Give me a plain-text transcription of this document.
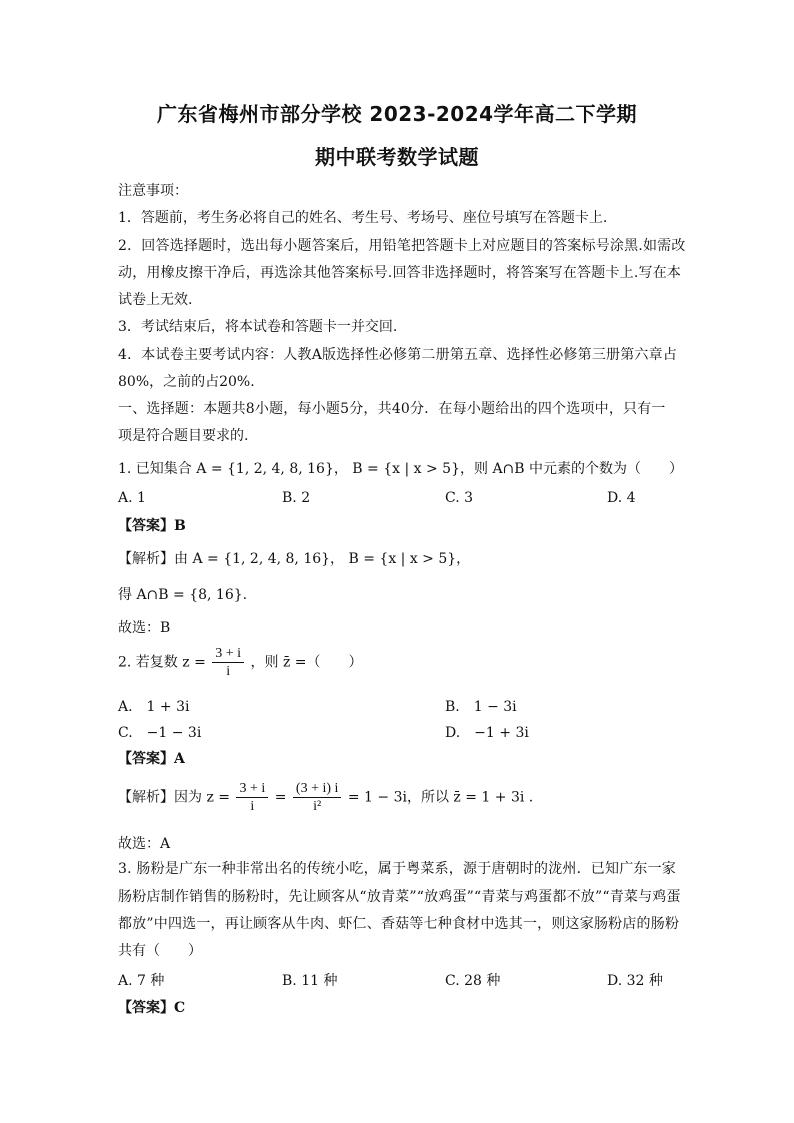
广东省梅州市部分学校 2023-2024学年高二下学期
期中联考数学试题
注意事项：
1．答题前，考生务必将自己的姓名、考生号、考场号、座位号填写在答题卡上.
2．回答选择题时，选出每小题答案后，用铅笔把答题卡上对应题目的答案标号涂黑.如需改
动，用橡皮擦干净后，再选涂其他答案标号.回答非选择题时，将答案写在答题卡上.写在本
试卷上无效.
3．考试结束后，将本试卷和答题卡一并交回.
4．本试卷主要考试内容：人教A版选择性必修第二册第五章、选择性必修第三册第六章占
80%，之前的占20%.
一、选择题：本题共8小题，每小题5分，共40分．在每小题给出的四个选项中，只有一
项是符合题目要求的.
1. 已知集合 A = {1, 2, 4, 8, 16}， B = {x | x > 5}，则 A∩B 中元素的个数为（　　）
A. 1	B. 2	C. 3	D. 4
【答案】B
【解析】由 A = {1, 2, 4, 8, 16}， B = {x | x > 5}，
得 A∩B = {8, 16}.
故选：B
2. 若复数 $z = \frac{3 + i}{i}$ ，则 z̄ =（　　）
A.　1 + 3i	B.　1 − 3i
C.　−1 − 3i	D.　−1 + 3i
【答案】A
【解析】因为 $z = \frac{3 + i}{i} = \frac{(3 + i) i}{\text{i²}} = 1 - 3i$，所以 z̄ = 1 + 3i .
故选：A
3. 肠粉是广东一种非常出名的传统小吃，属于粤菜系，源于唐朝时的泷州．已知广东一家
肠粉店制作销售的肠粉时，先让顾客从“放青菜”“放鸡蛋”“青菜与鸡蛋都不放”“青菜与鸡蛋
都放”中四选一，再让顾客从牛肉、虾仁、香菇等七种食材中选其一，则这家肠粉店的肠粉
共有（　　）
A. 7 种	B. 11 种	C. 28 种	D. 32 种
【答案】C
